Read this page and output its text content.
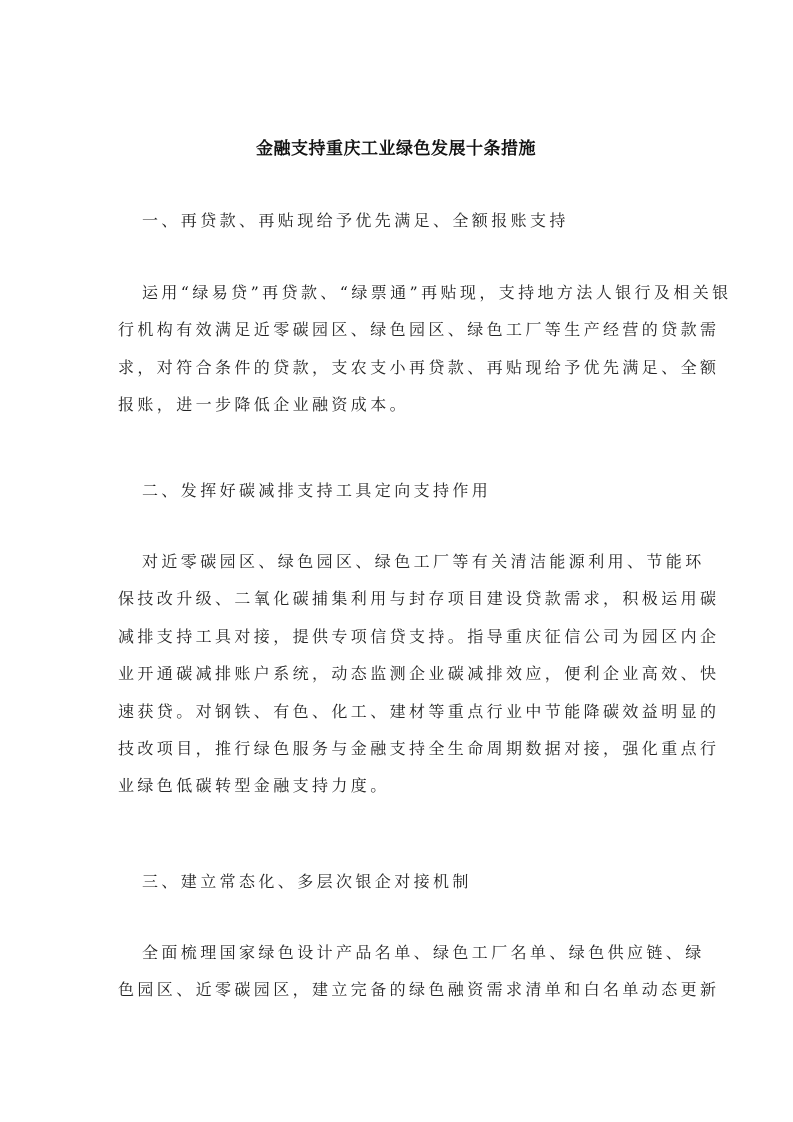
金融支持重庆工业绿色发展十条措施
一、再贷款、再贴现给予优先满足、全额报账支持
运用“绿易贷”再贷款、“绿票通”再贴现，支持地方法人银行及相关银
行机构有效满足近零碳园区、绿色园区、绿色工厂等生产经营的贷款需
求，对符合条件的贷款，支农支小再贷款、再贴现给予优先满足、全额
报账，进一步降低企业融资成本。
二、发挥好碳减排支持工具定向支持作用
对近零碳园区、绿色园区、绿色工厂等有关清洁能源利用、节能环
保技改升级、二氧化碳捕集利用与封存项目建设贷款需求，积极运用碳
减排支持工具对接，提供专项信贷支持。指导重庆征信公司为园区内企
业开通碳减排账户系统，动态监测企业碳减排效应，便利企业高效、快
速获贷。对钢铁、有色、化工、建材等重点行业中节能降碳效益明显的
技改项目，推行绿色服务与金融支持全生命周期数据对接，强化重点行
业绿色低碳转型金融支持力度。
三、建立常态化、多层次银企对接机制
全面梳理国家绿色设计产品名单、绿色工厂名单、绿色供应链、绿
色园区、近零碳园区，建立完备的绿色融资需求清单和白名单动态更新
